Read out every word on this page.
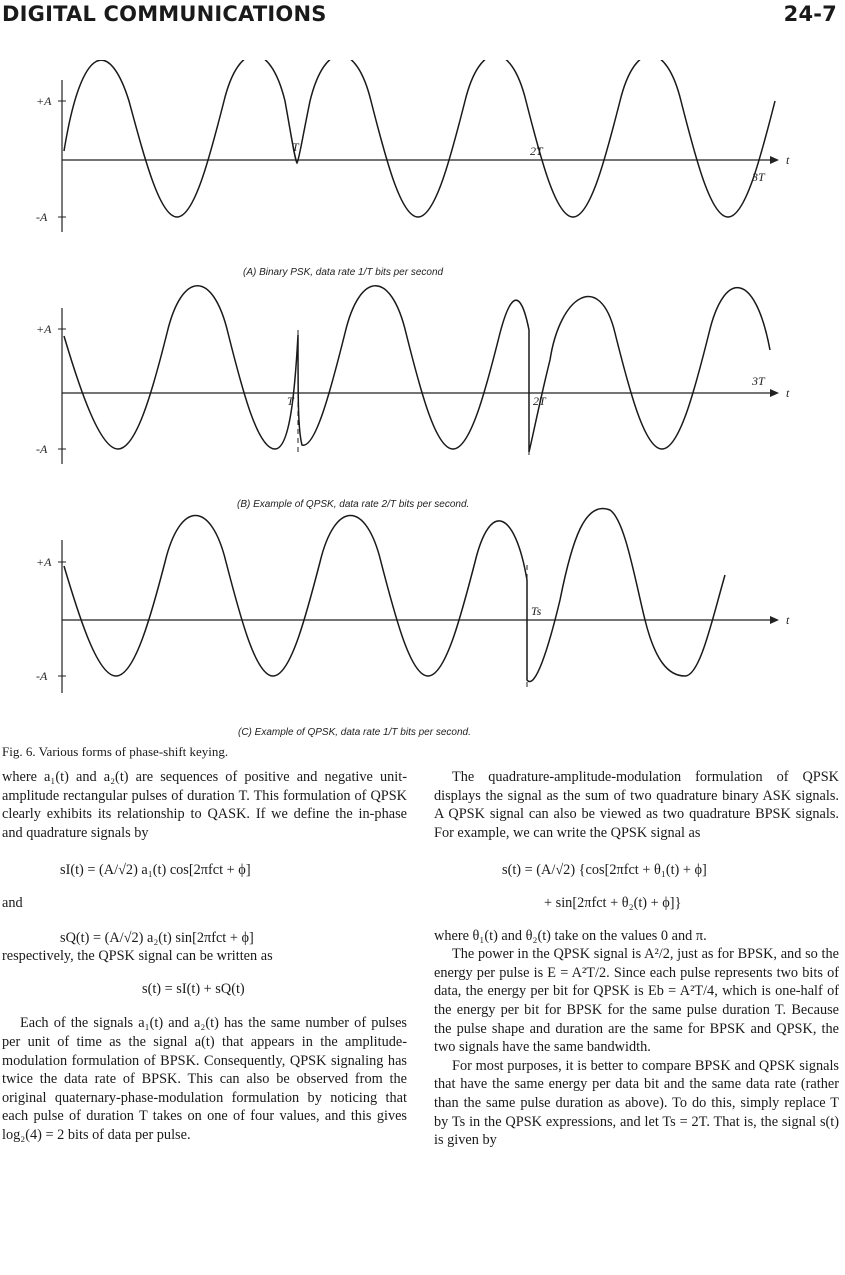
DIGITAL COMMUNICATIONS	24-7
+A
-A
t
T	2T
3T
(A) Binary PSK, data rate 1/T bits per second
+A
-A
t
T	2T
3T
(B) Example of QPSK, data rate 2/T bits per second.
+A
-A
t
Ts
(C) Example of QPSK, data rate 1/T bits per second.
Fig. 6. Various forms of phase-shift keying.

where a₁(t) and a₂(t) are sequences of positive and negative unit-amplitude rectangular pulses of duration T. This formulation of QPSK clearly exhibits its relationship to QASK. If we define the in-phase and quadrature signals by

sI(t) = (A/√2) a₁(t) cos[2πfct + ϕ]
and
sQ(t) = (A/√2) a₂(t) sin[2πfct + ϕ]

respectively, the QPSK signal can be written as

s(t) = sI(t) + sQ(t)

Each of the signals a₁(t) and a₂(t) has the same number of pulses per unit of time as the signal a(t) that appears in the amplitude-modulation formulation of BPSK. Consequently, QPSK signaling has twice the data rate of BPSK. This can also be observed from the original quaternary-phase-modulation formulation by noticing that each pulse of duration T takes on one of four values, and this gives log₂(4) = 2 bits of data per pulse.

The quadrature-amplitude-modulation formulation of QPSK displays the signal as the sum of two quadrature binary ASK signals. A QPSK signal can also be viewed as two quadrature BPSK signals. For example, we can write the QPSK signal as

s(t) = (A/√2) {cos[2πfct + θ₁(t) + ϕ]
+ sin[2πfct + θ₂(t) + ϕ]}

where θ₁(t) and θ₂(t) take on the values 0 and π.

The power in the QPSK signal is A²/2, just as for BPSK, and so the energy per pulse is E = A²T/2. Since each pulse represents two bits of data, the energy per bit for QPSK is Eb = A²T/4, which is one-half of the energy per bit for BPSK for the same pulse duration T. Because the pulse shape and duration are the same for BPSK and QPSK, the two signals have the same bandwidth.

For most purposes, it is better to compare BPSK and QPSK signals that have the same energy per data bit and the same data rate (rather than the same pulse duration as above). To do this, simply replace T by Ts in the QPSK expressions, and let Ts = 2T. That is, the signal s(t) is given by
